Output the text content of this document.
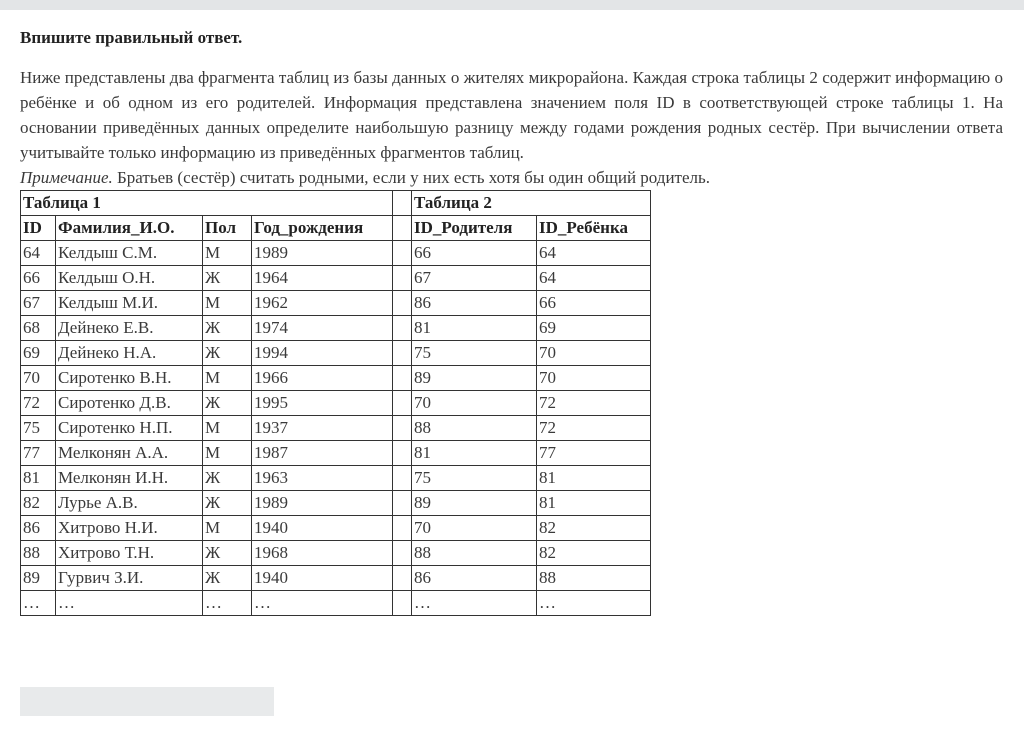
Впишите правильный ответ.

Ниже представлены два фрагмента таблиц из базы данных о жителях микрорайона. Каждая строка таблицы 2 содержит информацию о ребёнке и об одном из его родителей. Информация представлена значением поля ID в соответствующей строке таблицы 1. На основании приведённых данных определите наибольшую разницу между годами рождения родных сестёр. При вычислении ответа учитывайте только информацию из приведённых фрагментов таблиц.

Примечание. Братьев (сестёр) считать родными, если у них есть хотя бы один общий родитель.

Таблица 1					Таблица 2	
ID	Фамилия_И.О.	Пол	Год_рождения		ID_Родителя	ID_Ребёнка
64	Келдыш С.М.	М	1989		66	64
66	Келдыш О.Н.	Ж	1964		67	64
67	Келдыш М.И.	М	1962		86	66
68	Дейнеко Е.В.	Ж	1974		81	69
69	Дейнеко Н.А.	Ж	1994		75	70
70	Сиротенко В.Н.	М	1966		89	70
72	Сиротенко Д.В.	Ж	1995		70	72
75	Сиротенко Н.П.	М	1937		88	72
77	Мелконян А.А.	М	1987		81	77
81	Мелконян И.Н.	Ж	1963		75	81
82	Лурье А.В.	Ж	1989		89	81
86	Хитрово Н.И.	М	1940		70	82
88	Хитрово Т.Н.	Ж	1968		88	82
89	Гурвич З.И.	Ж	1940		86	88
…	…	…	…		…	…
